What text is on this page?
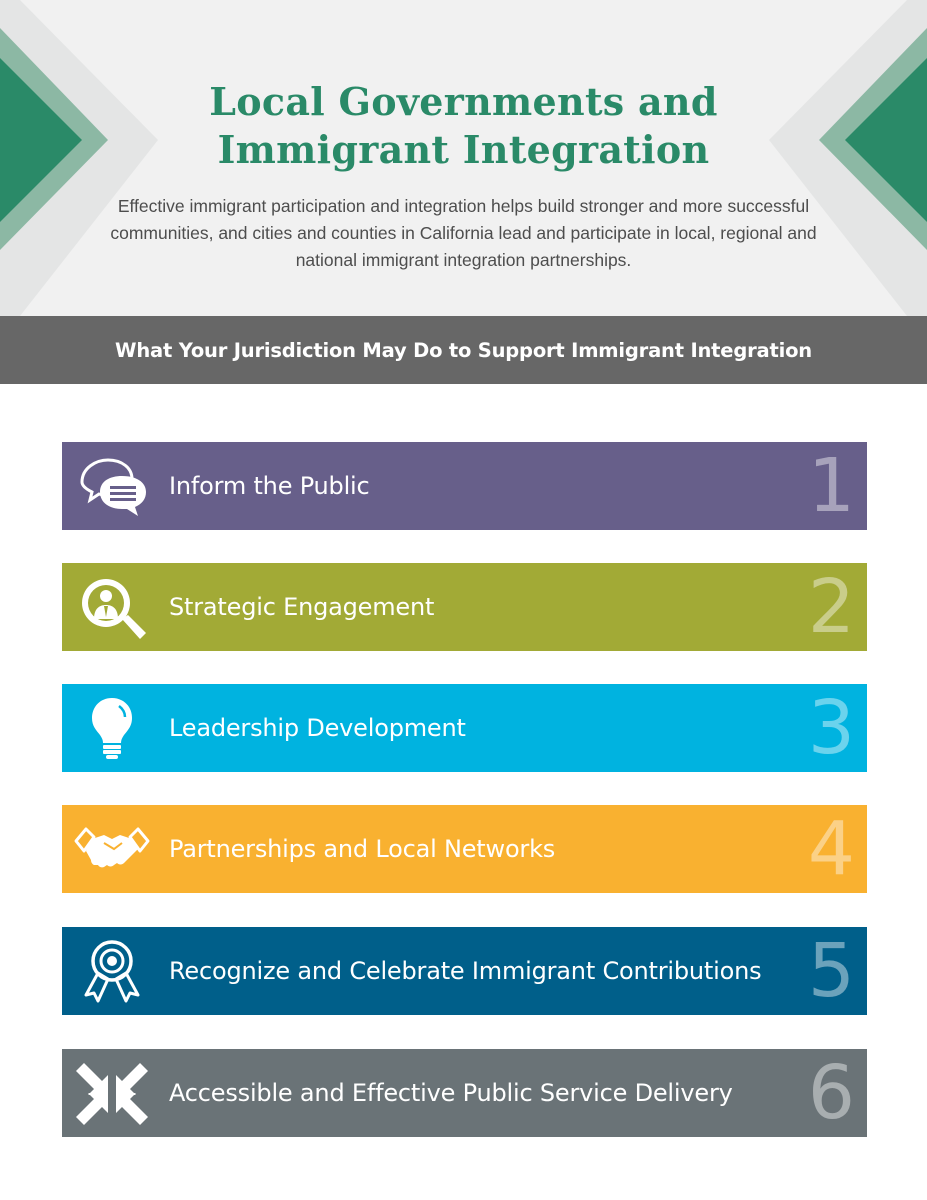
Local Governments and
Immigrant Integration

Effective immigrant participation and integration helps build stronger and more successful communities, and cities and counties in California lead and participate in local, regional and national immigrant integration partnerships.

What Your Jurisdiction May Do to Support Immigrant Integration
Inform the Public	1
Strategic Engagement	2
Leadership Development	3
Partnerships and Local Networks	4
Recognize and Celebrate Immigrant Contributions 5
Accessible and Effective Public Service Delivery 6
